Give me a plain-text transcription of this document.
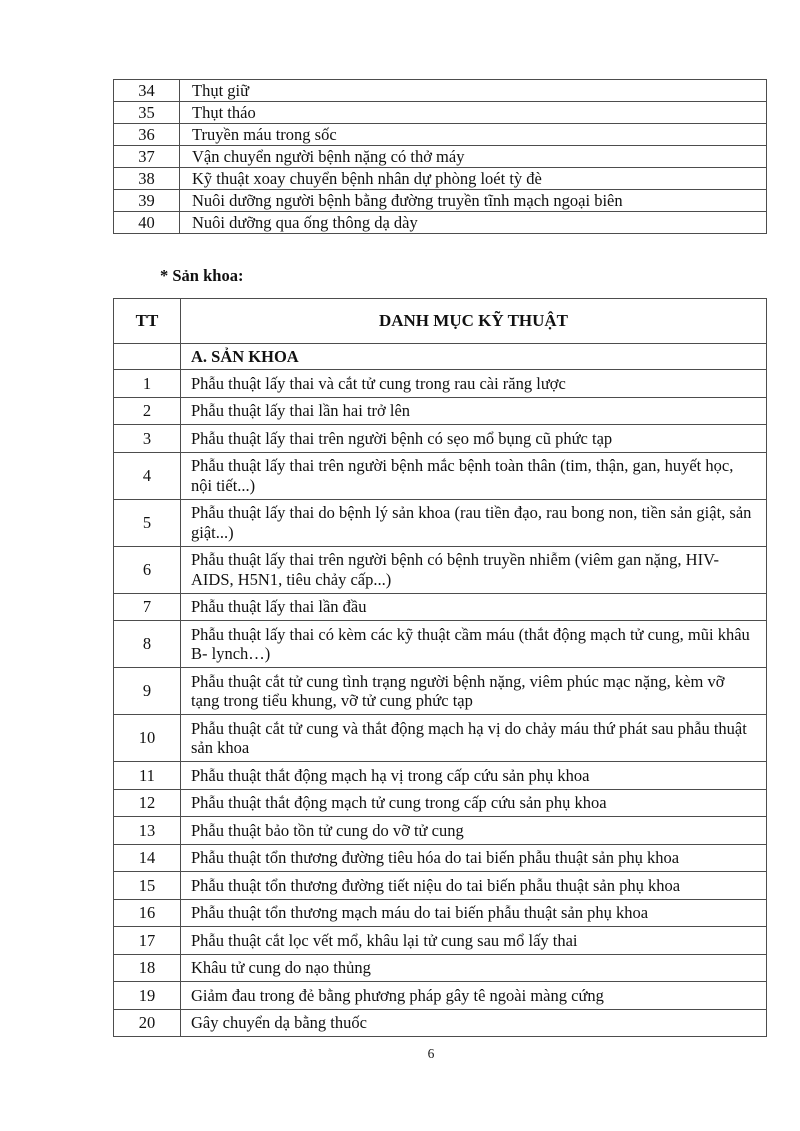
34	Thụt giữ
35	Thụt tháo
36	Truyền máu trong sốc
37	Vận chuyển người bệnh nặng có thở máy
38	Kỹ thuật xoay chuyển bệnh nhân dự phòng loét tỳ đè
39	Nuôi dưỡng người bệnh bằng đường truyền tĩnh mạch ngoại biên
40	Nuôi dưỡng qua ống thông dạ dày
* Sản khoa:
TT	DANH MỤC KỸ THUẬT
	A. SẢN KHOA
1	Phẫu thuật lấy thai và cắt tử cung trong rau cài răng lược
2	Phẫu thuật lấy thai lần hai trở lên
3	Phẫu thuật lấy thai trên người bệnh có sẹo mổ bụng cũ phức tạp
4	Phẫu thuật lấy thai trên người bệnh mắc bệnh toàn thân (tim, thận, gan, huyết học, nội tiết...)
5	Phẫu thuật lấy thai do bệnh lý sản khoa (rau tiền đạo, rau bong non, tiền sản giật, sản giật...)
6	Phẫu thuật lấy thai trên người bệnh có bệnh truyền nhiễm (viêm gan nặng, HIV-AIDS, H5N1, tiêu chảy cấp...)
7	Phẫu thuật lấy thai lần đầu
8	Phẫu thuật lấy thai có kèm các kỹ thuật cầm máu (thắt động mạch tử cung, mũi khâu B- lynch…)
9	Phẫu thuật cắt tử cung tình trạng người bệnh nặng, viêm phúc mạc nặng, kèm vỡ tạng trong tiểu khung, vỡ tử cung phức tạp
10	Phẫu thuật cắt tử cung và thắt động mạch hạ vị do chảy máu thứ phát sau phẫu thuật sản khoa
11	Phẫu thuật thắt động mạch hạ vị trong cấp cứu sản phụ khoa
12	Phẫu thuật thắt động mạch tử cung trong cấp cứu sản phụ khoa
13	Phẫu thuật bảo tồn tử cung do vỡ tử cung
14	Phẫu thuật tổn thương đường tiêu hóa do tai biến phẫu thuật sản phụ khoa
15	Phẫu thuật tổn thương đường tiết niệu do tai biến phẫu thuật sản phụ khoa
16	Phẫu thuật tổn thương mạch máu do tai biến phẫu thuật sản phụ khoa
17	Phẫu thuật cắt lọc vết mổ, khâu lại tử cung sau mổ lấy thai
18	Khâu tử cung do nạo thủng
19	Giảm đau trong đẻ bằng phương pháp gây tê ngoài màng cứng
20	Gây chuyển dạ bằng thuốc
6
